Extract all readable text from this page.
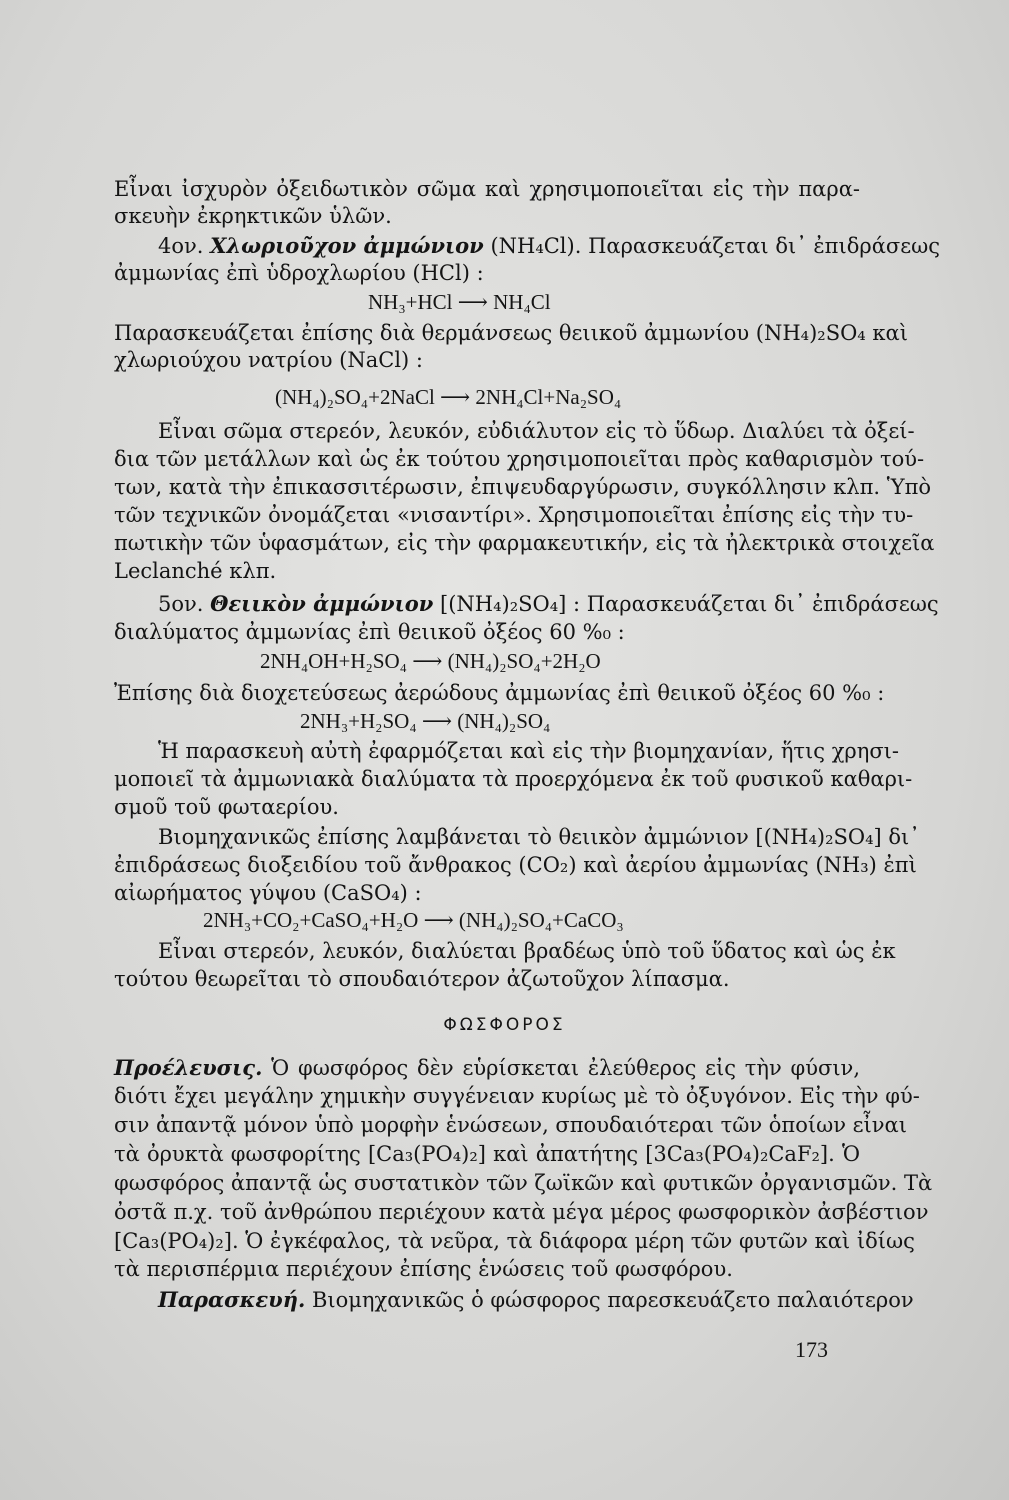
Εἶναι ἰσχυρὸν ὀξειδωτικὸν σῶμα καὶ χρησιμοποιεῖται εἰς τὴν παρα-

σκευὴν ἐκρηκτικῶν ὑλῶν.

4ον. Χλωριοῦχον ἀμμώνιον (NH₄Cl). Παρασκευάζεται δι᾽ ἐπιδράσεως

ἀμμωνίας ἐπὶ ὑδροχλωρίου (HCl) :

NH₃+HCl ⟶ NH₄Cl

Παρασκευάζεται ἐπίσης διὰ θερμάνσεως θειικοῦ ἀμμωνίου (NH₄)₂SO₄ καὶ

χλωριούχου νατρίου (NaCl) :

(NH₄)₂SO₄+2NaCl ⟶ 2NH₄Cl+Na₂SO₄

Εἶναι σῶμα στερεόν, λευκόν, εὐδιάλυτον εἰς τὸ ὕδωρ. Διαλύει τὰ ὀξεί-

δια τῶν μετάλλων καὶ ὡς ἐκ τούτου χρησιμοποιεῖται πρὸς καθαρισμὸν τού-

των, κατὰ τὴν ἐπικασσιτέρωσιν, ἐπιψευδαργύρωσιν, συγκόλλησιν κλπ. Ὑπὸ

τῶν τεχνικῶν ὀνομάζεται «νισαντίρι». Χρησιμοποιεῖται ἐπίσης εἰς τὴν τυ-

πωτικὴν τῶν ὑφασμάτων, εἰς τὴν φαρμακευτικήν, εἰς τὰ ἠλεκτρικὰ στοιχεῖα

Leclanché κλπ.

5ον. Θειικὸν ἀμμώνιον [(NH₄)₂SO₄] : Παρασκευάζεται δι᾽ ἐπιδράσεως

διαλύματος ἀμμωνίας ἐπὶ θειικοῦ ὀξέος 60 %₀ :

2NH₄OH+H₂SO₄ ⟶ (NH₄)₂SO₄+2H₂O

Ἐπίσης διὰ διοχετεύσεως ἀερώδους ἀμμωνίας ἐπὶ θειικοῦ ὀξέος 60 %₀ :

2NH₃+H₂SO₄ ⟶ (NH₄)₂SO₄

Ἡ παρασκευὴ αὐτὴ ἐφαρμόζεται καὶ εἰς τὴν βιομηχανίαν, ἥτις χρησι-

μοποιεῖ τὰ ἀμμωνιακὰ διαλύματα τὰ προερχόμενα ἐκ τοῦ φυσικοῦ καθαρι-

σμοῦ τοῦ φωταερίου.

Βιομηχανικῶς ἐπίσης λαμβάνεται τὸ θειικὸν ἀμμώνιον [(NH₄)₂SO₄] δι᾽

ἐπιδράσεως διοξειδίου τοῦ ἄνθρακος (CO₂) καὶ ἀερίου ἀμμωνίας (NH₃) ἐπὶ

αἰωρήματος γύψου (CaSO₄) :

2NH₃+CO₂+CaSO₄+H₂O ⟶ (NH₄)₂SO₄+CaCO₃

Εἶναι στερεόν, λευκόν, διαλύεται βραδέως ὑπὸ τοῦ ὕδατος καὶ ὡς ἐκ

τούτου θεωρεῖται τὸ σπουδαιότερον ἀζωτοῦχον λίπασμα.

ΦΩΣΦΟΡΟΣ

Προέλευσις. Ὁ φωσφόρος δὲν εὑρίσκεται ἐλεύθερος εἰς τὴν φύσιν,

διότι ἔχει μεγάλην χημικὴν συγγένειαν κυρίως μὲ τὸ ὀξυγόνον. Εἰς τὴν φύ-

σιν ἀπαντᾷ μόνον ὑπὸ μορφὴν ἑνώσεων, σπουδαιότεραι τῶν ὁποίων εἶναι

τὰ ὀρυκτὰ φωσφορίτης [Ca₃(PO₄)₂] καὶ ἀπατήτης [3Ca₃(PO₄)₂CaF₂]. Ὁ

φωσφόρος ἀπαντᾷ ὡς συστατικὸν τῶν ζωϊκῶν καὶ φυτικῶν ὀργανισμῶν. Τὰ

ὀστᾶ π.χ. τοῦ ἀνθρώπου περιέχουν κατὰ μέγα μέρος φωσφορικὸν ἀσβέστιον

[Ca₃(PO₄)₂]. Ὁ ἐγκέφαλος, τὰ νεῦρα, τὰ διάφορα μέρη τῶν φυτῶν καὶ ἰδίως

τὰ περισπέρμια περιέχουν ἐπίσης ἑνώσεις τοῦ φωσφόρου.

Παρασκευή. Βιομηχανικῶς ὁ φώσφορος παρεσκευάζετο παλαιότερον

173
